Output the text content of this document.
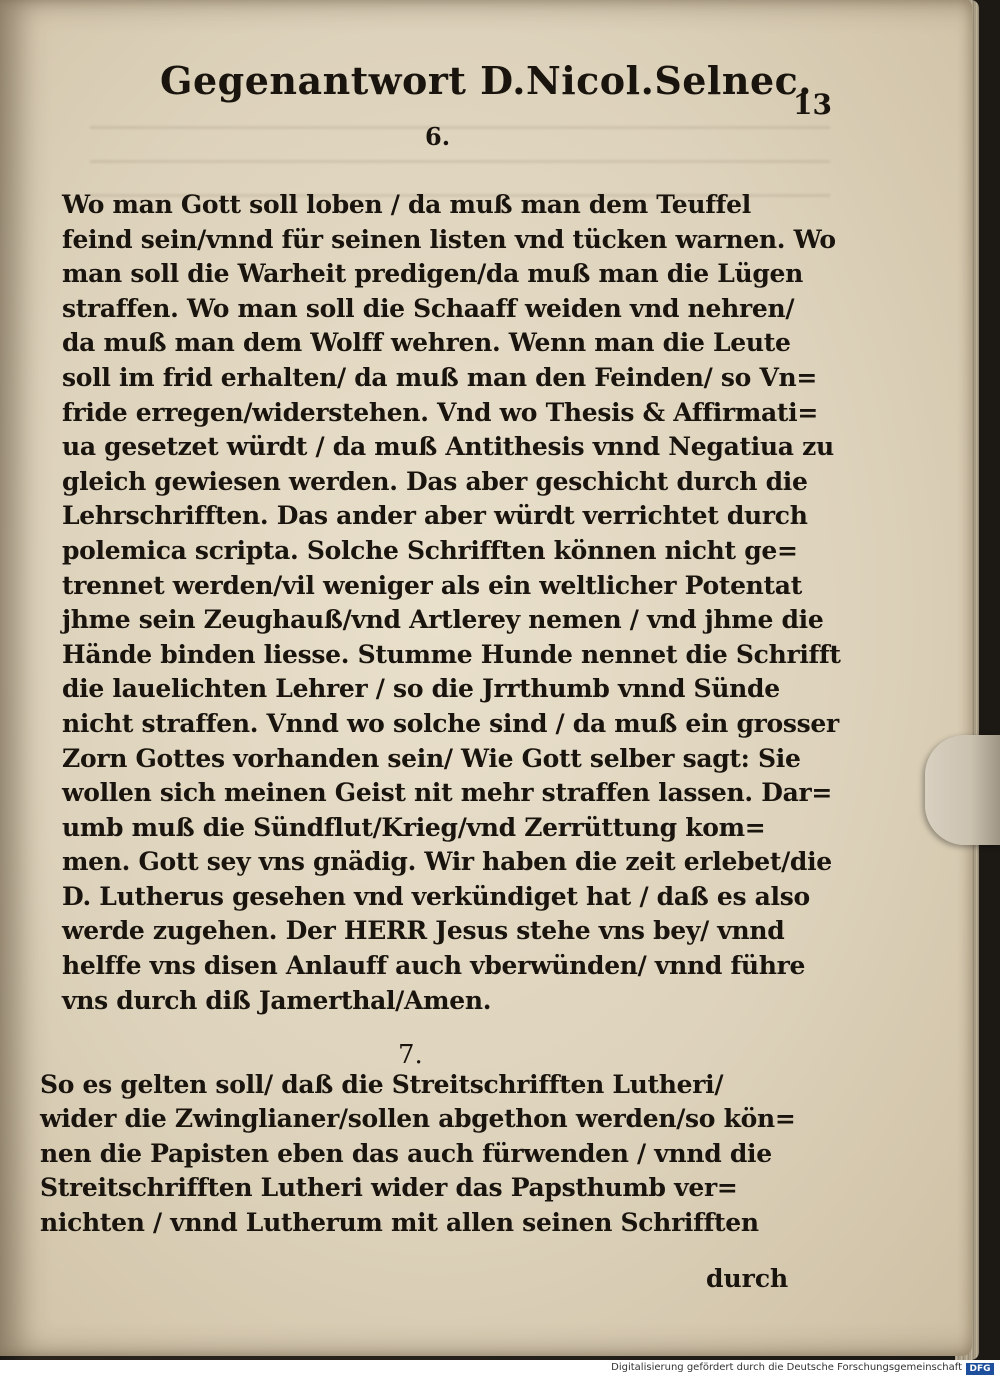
Gegenantwort D.Nicol.Selnec.
13
6.
Wo man Gott soll loben / da muß man dem Teuffel
feind sein/vnnd für seinen listen vnd tücken warnen. Wo
man soll die Warheit predigen/da muß man die Lügen
straffen. Wo man soll die Schaaff weiden vnd nehren/
da muß man dem Wolff wehren. Wenn man die Leute
soll im frid erhalten/ da muß man den Feinden/ so Vn=
fride erregen/widerstehen. Vnd wo Thesis & Affirmati=
ua gesetzet würdt / da muß Antithesis vnnd Negatiua zu
gleich gewiesen werden. Das aber geschicht durch die
Lehrschrifften. Das ander aber würdt verrichtet durch
polemica scripta. Solche Schrifften können nicht ge=
trennet werden/vil weniger als ein weltlicher Potentat
jhme sein Zeughauß/vnd Artlerey nemen / vnd jhme die
Hände binden liesse. Stumme Hunde nennet die Schrifft
die lauelichten Lehrer / so die Jrrthumb vnnd Sünde
nicht straffen. Vnnd wo solche sind / da muß ein grosser
Zorn Gottes vorhanden sein/ Wie Gott selber sagt: Sie
wollen sich meinen Geist nit mehr straffen lassen. Dar=
umb muß die Sündflut/Krieg/vnd Zerrüttung kom=
men. Gott sey vns gnädig. Wir haben die zeit erlebet/die
D. Lutherus gesehen vnd verkündiget hat / daß es also
werde zugehen. Der HERR Jesus stehe vns bey/ vnnd
helffe vns disen Anlauff auch vberwünden/ vnnd führe
vns durch diß Jamerthal/Amen.
7.
So es gelten soll/ daß die Streitschrifften Lutheri/
wider die Zwinglianer/sollen abgethon werden/so kön=
nen die Papisten eben das auch fürwenden / vnnd die
Streitschrifften Lutheri wider das Papsthumb ver=
nichten / vnnd Lutherum mit allen seinen Schrifften
durch
Digitalisierung gefördert durch die Deutsche Forschungsgemeinschaft DFG
